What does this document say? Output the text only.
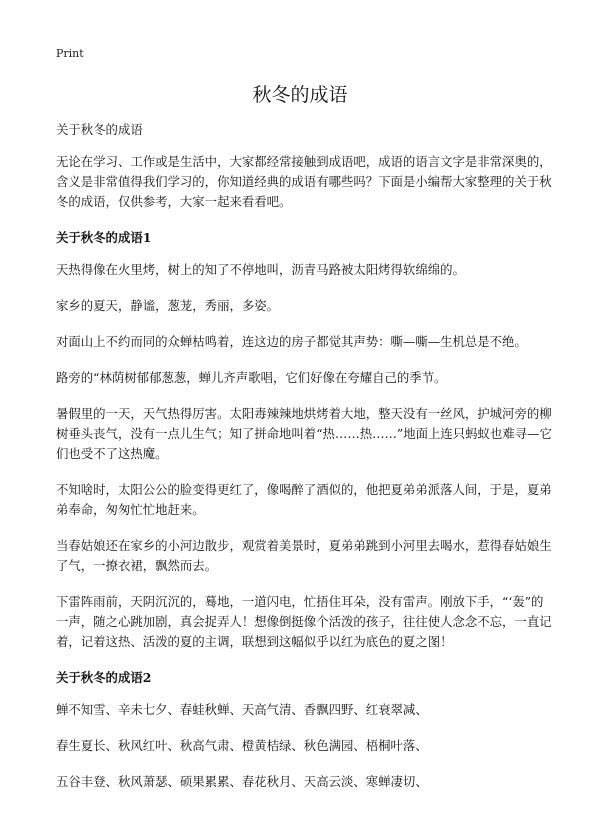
Print
秋冬的成语

关于秋冬的成语

无论在学习、工作或是生活中，大家都经常接触到成语吧，成语的语言文字是非常深奥的，含义是非常值得我们学习的，你知道经典的成语有哪些吗？下面是小编帮大家整理的关于秋冬的成语，仅供参考，大家一起来看看吧。

关于秋冬的成语1

天热得像在火里烤，树上的知了不停地叫，沥青马路被太阳烤得软绵绵的。

家乡的夏天，静谧，葱茏，秀丽，多姿。

对面山上不约而同的众蝉枯鸣着，连这边的房子都觉其声势：嘶—嘶—生机总是不绝。

路旁的“林荫树郁郁葱葱，蝉儿齐声歌唱，它们好像在夸耀自己的季节。

暑假里的一天，天气热得厉害。太阳毒辣辣地烘烤着大地，整天没有一丝风，护城河旁的柳树垂头丧气，没有一点儿生气；知了拼命地叫着“热……热……”地面上连只蚂蚁也难寻—它们也受不了这热魔。

不知啥时，太阳公公的脸变得更红了，像喝醉了酒似的，他把夏弟弟派落人间，于是，夏弟弟奉命，匆匆忙忙地赶来。

当春姑娘还在家乡的小河边散步，观赏着美景时，夏弟弟跳到小河里去喝水，惹得春姑娘生了气，一撩衣裙，飘然而去。

下雷阵雨前，天阴沉沉的，蓦地，一道闪电，忙捂住耳朵，没有雷声。刚放下手，“‘轰”的一声，随之心跳加剧，真会捉弄人！想像倒挺像个活泼的孩子，往往使人念念不忘，一直记着，记着这热、活泼的夏的主调，联想到这幅似乎以红为底色的夏之图！

关于秋冬的成语2

蝉不知雪、辛未七夕、春蛙秋蝉、天高气清、香飘四野、红衰翠减、

春生夏长、秋风红叶、秋高气肃、橙黄桔绿、秋色满园、梧桐叶落、

五谷丰登、秋风萧瑟、硕果累累、春花秋月、天高云淡、寒蝉凄切、
